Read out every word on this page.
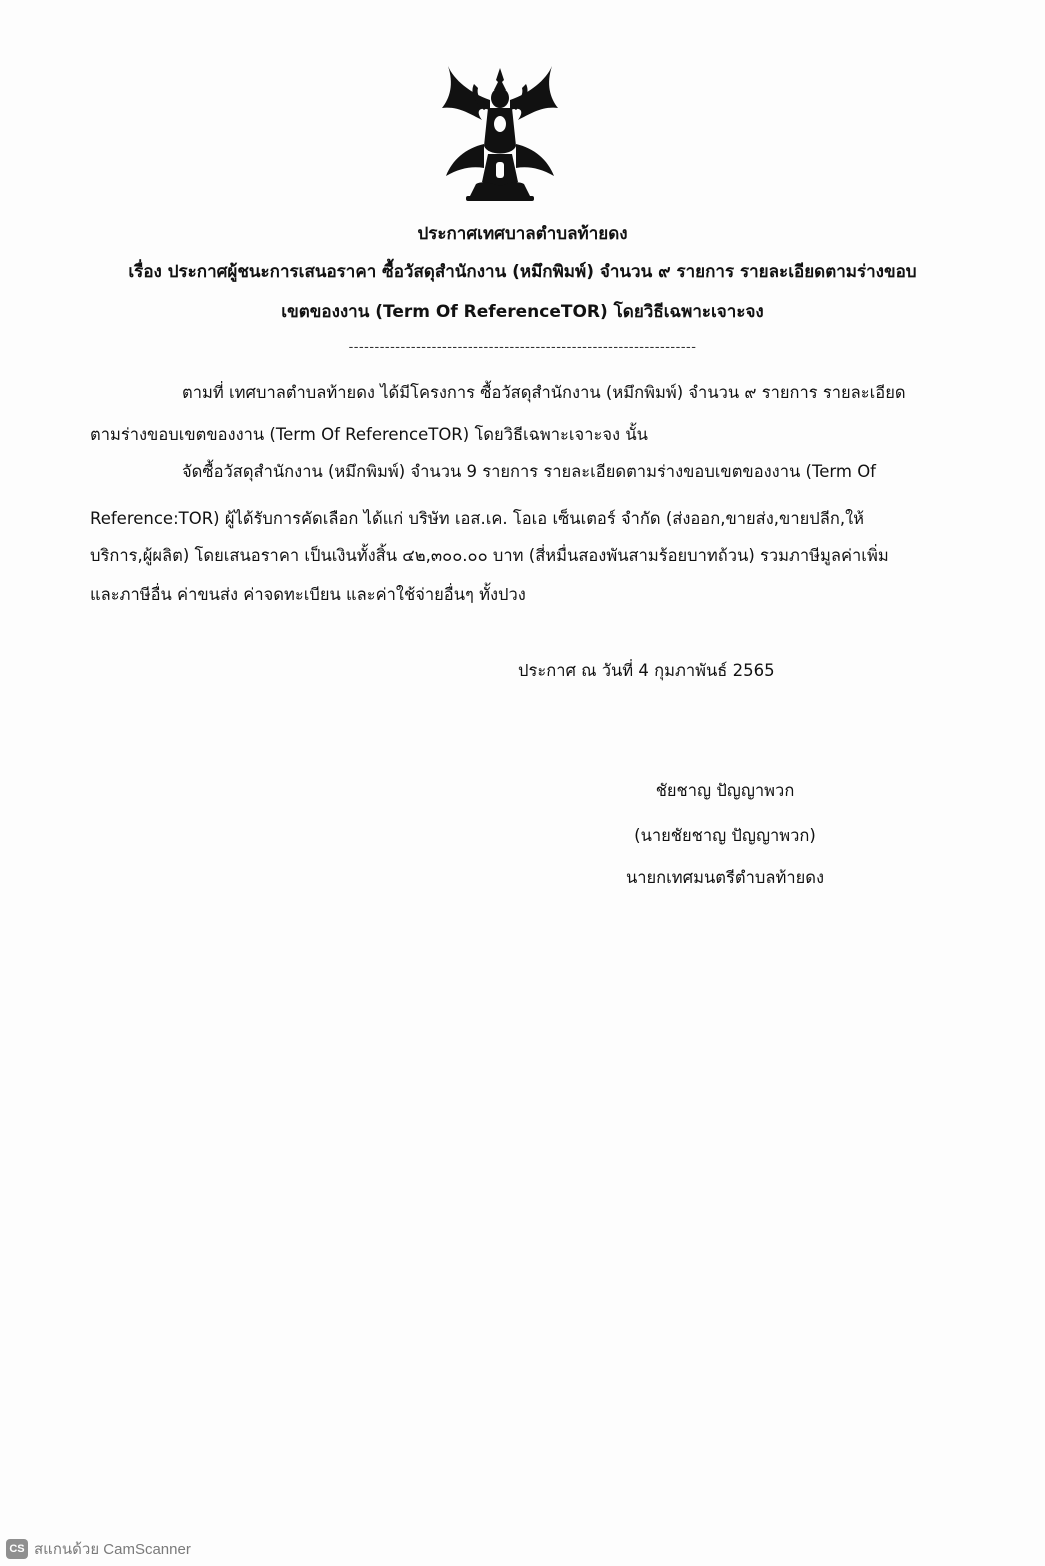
ประกาศเทศบาลตำบลท้ายดง
เรื่อง ประกาศผู้ชนะการเสนอราคา ซื้อวัสดุสำนักงาน (หมึกพิมพ์) จำนวน ๙ รายการ รายละเอียดตามร่างขอบ
เขตของงาน (Term Of ReferenceTOR) โดยวิธีเฉพาะเจาะจง
-------------------------------------------------------------------
ตามที่ เทศบาลตำบลท้ายดง ได้มีโครงการ ซื้อวัสดุสำนักงาน (หมึกพิมพ์) จำนวน ๙ รายการ รายละเอียด
ตามร่างขอบเขตของงาน (Term Of ReferenceTOR) โดยวิธีเฉพาะเจาะจง นั้น
จัดซื้อวัสดุสำนักงาน (หมึกพิมพ์) จำนวน 9 รายการ รายละเอียดตามร่างขอบเขตของงาน (Term Of
Reference:TOR) ผู้ได้รับการคัดเลือก ได้แก่ บริษัท เอส.เค. โอเอ เซ็นเตอร์ จำกัด (ส่งออก,ขายส่ง,ขายปลีก,ให้
บริการ,ผู้ผลิต) โดยเสนอราคา เป็นเงินทั้งสิ้น ๔๒,๓๐๐.๐๐ บาท (สี่หมื่นสองพันสามร้อยบาทถ้วน) รวมภาษีมูลค่าเพิ่ม
และภาษีอื่น ค่าขนส่ง ค่าจดทะเบียน และค่าใช้จ่ายอื่นๆ ทั้งปวง
ประกาศ ณ วันที่ 4 กุมภาพันธ์ 2565
ชัยชาญ ปัญญาพวก
(นายชัยชาญ ปัญญาพวก)
นายกเทศมนตรีตำบลท้ายดง
CS สแกนด้วย CamScanner
